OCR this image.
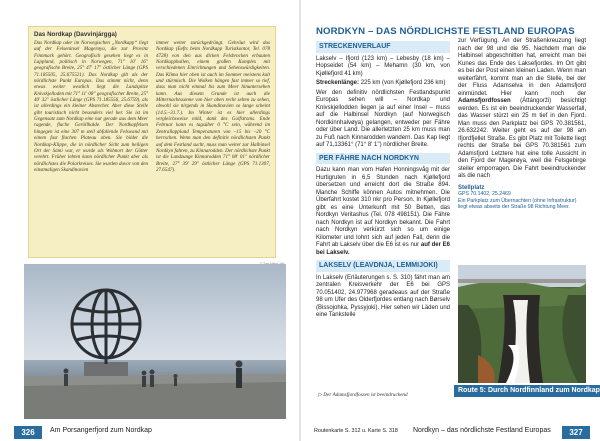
Das Nordkap (Davvinjárgga)

Das Nordkap oder im Norwegischen „Nordkapp“ liegt auf der Felseninsel Magerøya, die zur Provinz Finnmark gehört. Geografisch gesehen liegt es in Lappland, politisch in Norwegen, 71° 10' 16'' geografische Breite, 25° 47' 17'' östlicher Länge (GPS 71.185505, 25.675521). Das Nordkap gilt als der nördlichste Punkt Europas. Das stimmt nicht, denn etwas weiter westlich liegt die Landspitze Knivskjelloden mit 71° 11' 08'' geografischer Breite, 25° 40' 32'' östlicher Länge (GPS 71.185556, 25.6759), als ist allerdings ein kleiner Abstecher. Aber diese Stelle gibt touristisch nicht besonders viel her. Sie ist im Gegensatz zum Nordkap eine nur gerade aus dem Meer ragende, flache Geröllhalde. Der Nordkapfelsen hingegen ist eine 307 m steil abfallende Felswand mit einem fast flachen Plateau oben. Sie bildet die Nordkap-Klippe, die in nördlicher Sicht zum heiligen Ort der Sámi war, er wurde als Wohnort der Götter verehrt. Früher lebten kann nördlicher Punkt aber als nördlichstes die Polarkreises. Sie wurden davor von den einstmaligen Skandinavien

immer weiter zurückgedrängt. Gebräut wird das Nordkap (Eefts beim Nordkapp Turistkontor, Tel. 078 4728) von den aus dicken Felsbrocken erbauten Nordkapphallen, einem großen Komplex mit verschiedenen Einrichtungen und Sehenswürdigkeiten. Das Klima hier oben ist auch im Sommer meistens kalt und stürmisch. Die Wolken hängen fast immer so tief, dass man nicht einmal bis zum Meer hinuntersehen kann. Aus diesem Grunde ist auch die Mitternachtssonne von hier oben recht selten zu sehen, obwohl sie nirgends in Skandinavien so lange scheint (14.5.–31.7.). Im Winter ist es hier allerdings vergleichsweise mild, dank des Golfstroms. Ende Februar kann es tagsüber 0 °C sein, während im Zentrallappland Temperaturen von –15 bis –20 °C herrschen. Wenn man den definitiv nördlichsten Punkt auf dem Festland sucht, muss man weiter zur Halbinsel Nordkyn fahren, zu Kinnarodden. Der nördlichste Punkt ist die Landzunge Kinnarodden 71° 08' 01'' nördlicher Breite, 27° 39' 29'' östlicher Länge (GPS 71.1307, 27.6547).

326	Am Porsangerfjord zum Nordkap
NORDKYN – DAS NÖRDLICHSTE FESTLAND EUROPAS
STRECKENVERLAUF

Lakselv – Ifjord (123 km) – Lebesby (18 km) – Hopseidet (54 km) – Mehamn (30 km, von Kjøllefjord 41 km)

Streckenlänge: 225 km (von Kjøllefjord 236 km)

Wer den definitiv nördlichsten Festlandspunkt Europas sehen will – Nordkap und Knivskjellodden liegen ja auf einer Insel – muss auf die Halbinsel Nordkyn (auf Norwegisch Nordkinnhalvøya) gelangen, entweder per Fähre oder über Land. Die allerletzten 25 km muss man zu Fuß nach Kinnarodden wandern. Das Kap liegt auf 71,13361° (71° 8' 1'') nördlicher Breite.

PER FÄHRE NACH NORDKYN

Dazu kann man vom Hafen Honningsvåg mit der Hurtigruten in 6,5 Stunden nach Kjøllefjord übersetzen und erreicht dort die Straße 894. Manche Schiffe können Autos mitnehmen. Die Überfahrt kostet 310 nkr pro Person. In Kjøllefjord gibt es eine Unterkunft mit 50 Betten, das Nordkyn Veritashus (Tel. 078 498151). Die Fähre nach Nordkyn ist auf Nordkyn bekannt. Die Fahrt nach Nordkyn verkürzt sich so um einige Kilometer und lohnt sich auf jeden Fall, denn die Fahrt ab Lakselv über die E6 ist es nur auf der E6 bei Lakselv.

LAKSELV (LEAVDNJA, LEMMIJOKI)

In Lakselv (Erläuterungen s. S. 310) fährt man am zentralen Kreisverkehr der E6 bei GPS 70.051402, 24.977968 geradeaus auf der Straße 98 um Ufer des Olderfjordes entlang nach Børselv (Bissojohka, Pyssyjoki). Hier sehen wir Läden und eine Tankstelle

zur Verfügung. An der Straßenkreuzung liegt nach der 98 und die 95. Nachdem man die Halbinsel abgeschnitten hat, erreicht man bei Kunes das Ende des Laksefjordes. Im Ort gibt es bei der Post einen kleinen Laden. Wenn man weiterfährt, kommt man an die Stelle, bei der der Fluss Adamselva in den Adamsfjord einmündet. Hier kann noch der Adamsfjordfossen (Áttángorži) besichtigt werden. Es ist ein beeindruckender Wasserfall, das Wasser stürzt ein 25 m tief in den Fjord. Man muss den Parkplatz bei GPS 70.381561, 26.632242. Weiter geht es auf der 98 am Ifjordfjellet Straße. Es gibt Platz mit Toilette liegt rechts der Straße bei GPS 70.381561 zum Adamsfjord Letztere hat eine tolle Aussicht in den Fjord der Magerøya, weil die Felsgebirge steiler emporragen. Die Fahrt beeindruckender als die nach

Stellplatz
GPS 70.1402, 25.2469
Ein Parkplatz zum Übernachten (ohne Infrastruktur)
liegt etwas abseits der Straße 98 Richtung Meer.
▷ Der Adamsfjordfossen ist beeindruckend
Route 5: Durch Nordfinnland zum Nordkap
Routenkarte S. 312 u. Karte S. 318 Nordkyn – das nördlichste Festland Europas	327
